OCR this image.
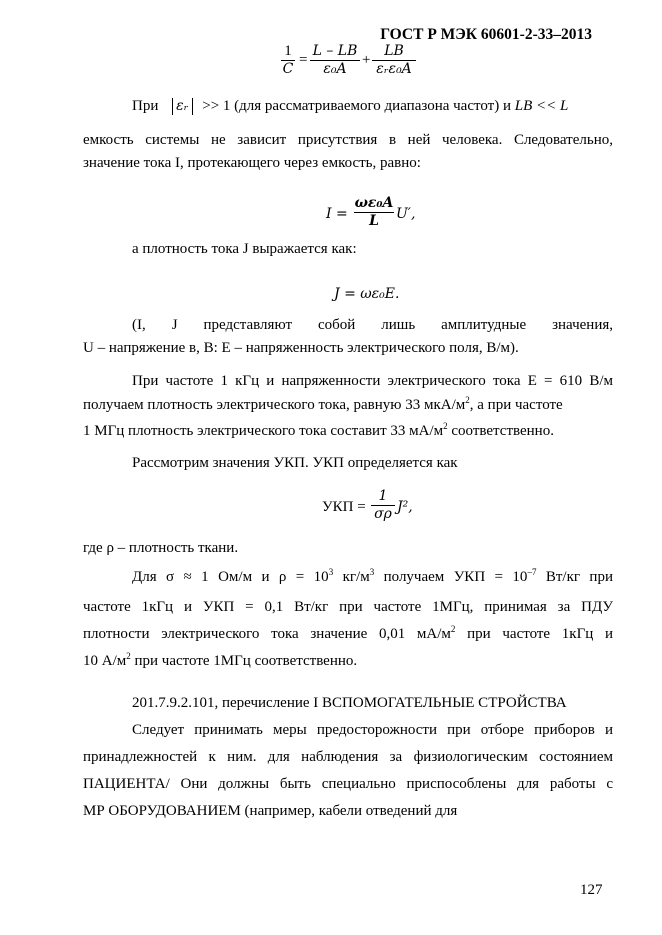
ГОСТ Р МЭК 60601-2-33–2013
$\frac{1}{C} = \frac{L - LB}{\text{ε₀A}}$ +
LB
εᵣε₀A
При εᵣ >> 1 (для рассматриваемого диапазона частот) и LB << L
емкость системы не зависит присутствия в ней человека. Следовательно,
значение тока I, протекающего через емкость, равно:
$I = \frac{\text{ωε₀A}}{L} U'$,
а плотность тока J выражается как:
J = ωε₀E.
(I, J представляют собой лишь амплитудные значения,
U – напряжение в, В: E – напряженность электрического поля, В/м).
При частоте 1 кГц и напряженности электрического тока E = 610 В/м
получаем плотность электрического тока, равную 33 мкА/$м^2$, а при частоте
1 МГц плотность электрического тока составит 33 $мА/м^2$ соответственно.
Рассмотрим значения УКП. УКП определяется как
УКП = $\frac{1}{\sigma\rho} J^2$,
где ρ – плотность ткани.
Для σ ≈ 1 Ом/м и $\rho = 10^3$ $кг/м^3$ получаем УКП = $10^{-7}$ Вт/кг при
частоте 1кГц и УКП = 0,1 Вт/кг при частоте 1МГц, принимая за ПДУ
плотности электрического тока значение 0,01 $мА/м^2$ при частоте 1кГц и
10 $А/м^2$ при частоте 1МГц соответственно.
201.7.9.2.101, перечисление I ВСПОМОГАТЕЛЬНЫЕ СТРОЙСТВА
Следует принимать меры предосторожности при отборе приборов и
принадлежностей к ним. для наблюдения за физиологическим состоянием
ПАЦИЕНТА/ Они должны быть специально приспособлены для работы с
МР ОБОРУДОВАНИЕМ (например, кабели отведений для
127
